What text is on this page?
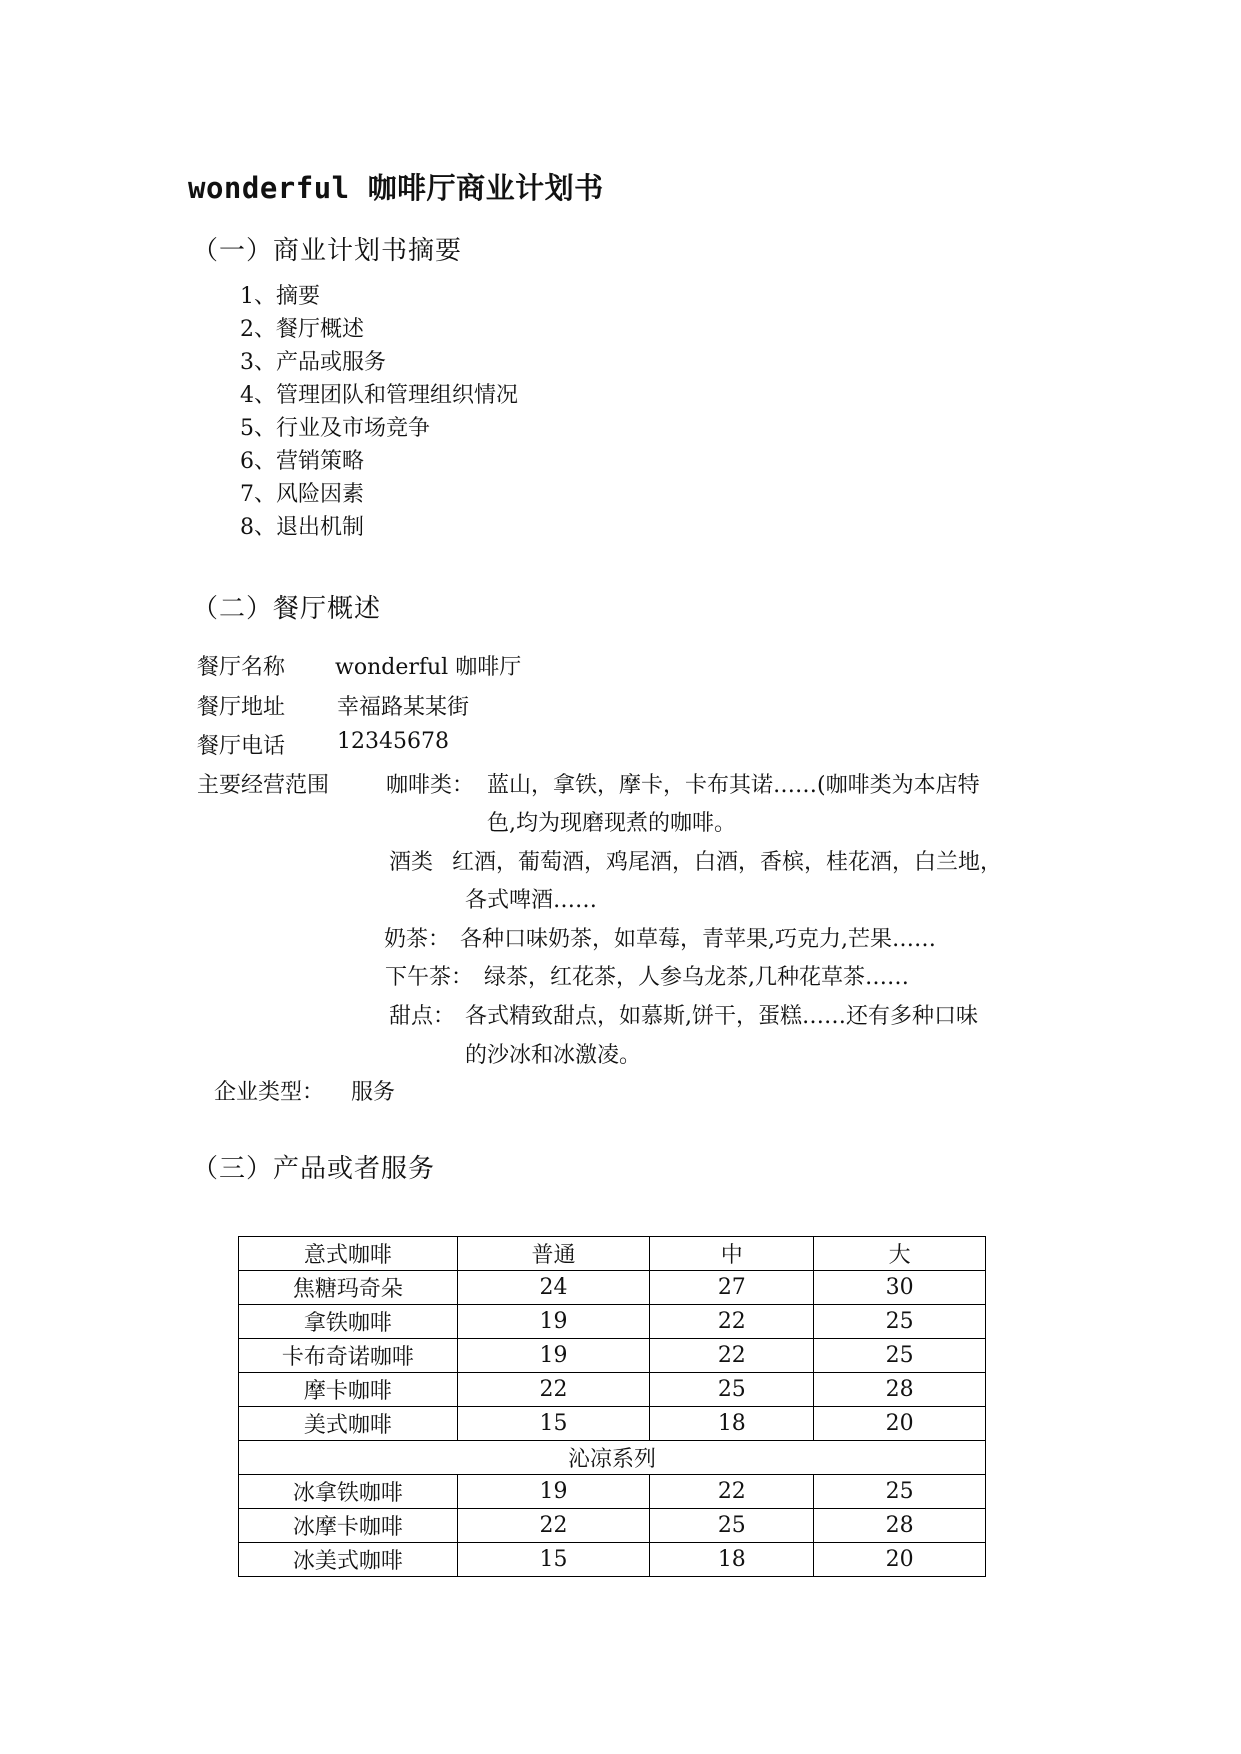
wonderful 咖啡厅商业计划书
（一）商业计划书摘要
1、摘要
2、餐厅概述
3、产品或服务
4、管理团队和管理组织情况
5、行业及市场竞争
6、营销策略
7、风险因素
8、退出机制
（二）餐厅概述
餐厅名称 wonderful 咖啡厅
餐厅地址 幸福路某某街
餐厅电话 12345678
主要经营范围	咖啡类： 蓝山，拿铁，摩卡，卡布其诺……(咖啡类为本店特
色,均为现磨现煮的咖啡。
酒类 红酒，葡萄酒，鸡尾酒，白酒，香槟，桂花酒，白兰地，
各式啤酒……
奶茶： 各种口味奶茶，如草莓，青苹果,巧克力,芒果……
下午茶： 绿茶，红花茶，人参乌龙茶,几种花草茶……
甜点： 各式精致甜点，如慕斯,饼干，蛋糕……还有多种口味
的沙冰和冰激凌。
企业类型： 服务
（三）产品或者服务
意式咖啡	普通	中	大
焦糖玛奇朵	24	27	30
拿铁咖啡	19	22	25
卡布奇诺咖啡	19	22	25
摩卡咖啡	22	25	28
美式咖啡	15	18	20
沁凉系列			
冰拿铁咖啡	19	22	25
冰摩卡咖啡	22	25	28
冰美式咖啡	15	18	20
